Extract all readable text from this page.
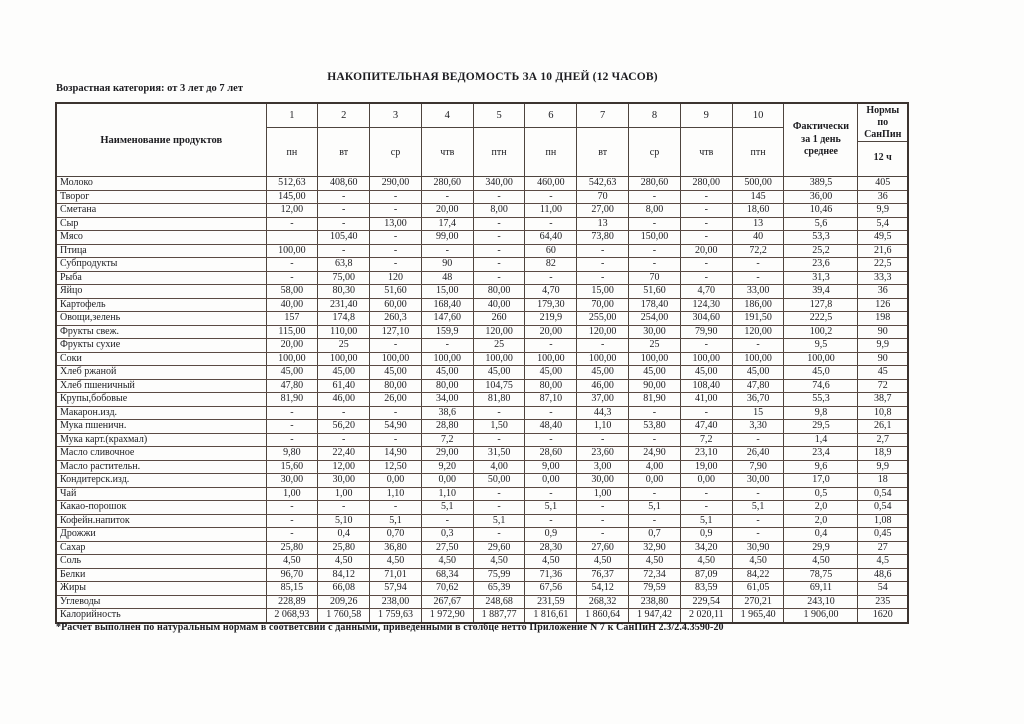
НАКОПИТЕЛЬНАЯ ВЕДОМОСТЬ ЗА 10 ДНЕЙ (12 ЧАСОВ)
Возрастная категория: от 3 лет до 7 лет
Наименование продуктов	1	2	3	4	5	6	7	8	9	10	Фактически за 1 день среднее	Нормы по СанПин
12 ч

	пн	вт	ср	чтв	птн	пн	вт	ср	чтв	птн		
Молоко	512,63	408,60	290,00	280,60	340,00	460,00	542,63	280,60	280,00	500,00	389,5	405
Творог	145,00	-	-	-	-	-	70	-	-	145	36,00	36
Сметана	12,00	-	-	20,00	8,00	11,00	27,00	8,00	-	18,60	10,46	9,9
Сыр	-	-	13,00	17,4	-	-	13	-	-	13	5,6	5,4
Мясо		105,40	-	99,00	-	64,40	73,80	150,00	-	40	53,3	49,5
Птица	100,00	-	-	-	-	60	-	-	20,00	72,2	25,2	21,6
Субпродукты	-	63,8	-	90	-	82	-	-	-	-	23,6	22,5
Рыба	-	75,00	120	48	-	-	-	70	-	-	31,3	33,3
Яйцо	58,00	80,30	51,60	15,00	80,00	4,70	15,00	51,60	4,70	33,00	39,4	36
Картофель	40,00	231,40	60,00	168,40	40,00	179,30	70,00	178,40	124,30	186,00	127,8	126
Овощи,зелень	157	174,8	260,3	147,60	260	219,9	255,00	254,00	304,60	191,50	222,5	198
Фрукты свеж.	115,00	110,00	127,10	159,9	120,00	20,00	120,00	30,00	79,90	120,00	100,2	90
Фрукты сухие	20,00	25	-	-	25	-	-	25	-	-	9,5	9,9
Соки	100,00	100,00	100,00	100,00	100,00	100,00	100,00	100,00	100,00	100,00	100,00	90
Хлеб ржаной	45,00	45,00	45,00	45,00	45,00	45,00	45,00	45,00	45,00	45,00	45,0	45
Хлеб пшеничный	47,80	61,40	80,00	80,00	104,75	80,00	46,00	90,00	108,40	47,80	74,6	72
Крупы,бобовые	81,90	46,00	26,00	34,00	81,80	87,10	37,00	81,90	41,00	36,70	55,3	38,7
Макарон.изд.	-	-	-	38,6	-	-	44,3	-	-	15	9,8	10,8
Мука пшеничн.	-	56,20	54,90	28,80	1,50	48,40	1,10	53,80	47,40	3,30	29,5	26,1
Мука карт.(крахмал)	-	-	-	7,2	-	-	-	-	7,2	-	1,4	2,7
Масло сливочное	9,80	22,40	14,90	29,00	31,50	28,60	23,60	24,90	23,10	26,40	23,4	18,9
Масло растительн.	15,60	12,00	12,50	9,20	4,00	9,00	3,00	4,00	19,00	7,90	9,6	9,9
Кондитерск.изд.	30,00	30,00	0,00	0,00	50,00	0,00	30,00	0,00	0,00	30,00	17,0	18
Чай	1,00	1,00	1,10	1,10	-	-	1,00	-	-	-	0,5	0,54
Какао-порошок	-	-	-	5,1	-	5,1	-	5,1	-	5,1	2,0	0,54
Кофейн.напиток	-	5,10	5,1	-	5,1	-	-	-	5,1	-	2,0	1,08
Дрожжи	-	0,4	0,70	0,3	-	0,9	-	0,7	0,9	-	0,4	0,45
Сахар	25,80	25,80	36,80	27,50	29,60	28,30	27,60	32,90	34,20	30,90	29,9	27
Соль	4,50	4,50	4,50	4,50	4,50	4,50	4,50	4,50	4,50	4,50	4,50	4,5
Белки	96,70	84,12	71,01	68,34	75,99	71,36	76,37	72,34	87,09	84,22	78,75	48,6
Жиры	85,15	66,08	57,94	70,62	65,39	67,56	54,12	79,59	83,59	61,05	69,11	54
Углеводы	228,89	209,26	238,00	267,67	248,68	231,59	268,32	238,80	229,54	270,21	243,10	235
Калорийность	2 068,93	1 760,58	1 759,63	1 972,90	1 887,77	1 816,61	1 860,64	1 947,42	2 020,11	1 965,40	1 906,00	1620
*Расчет выполнен по натуральным нормам в соответсвии с данными, приведенными в столбце нетто Приложение N 7 к СанПиН 2.3/2.4.3590-20
